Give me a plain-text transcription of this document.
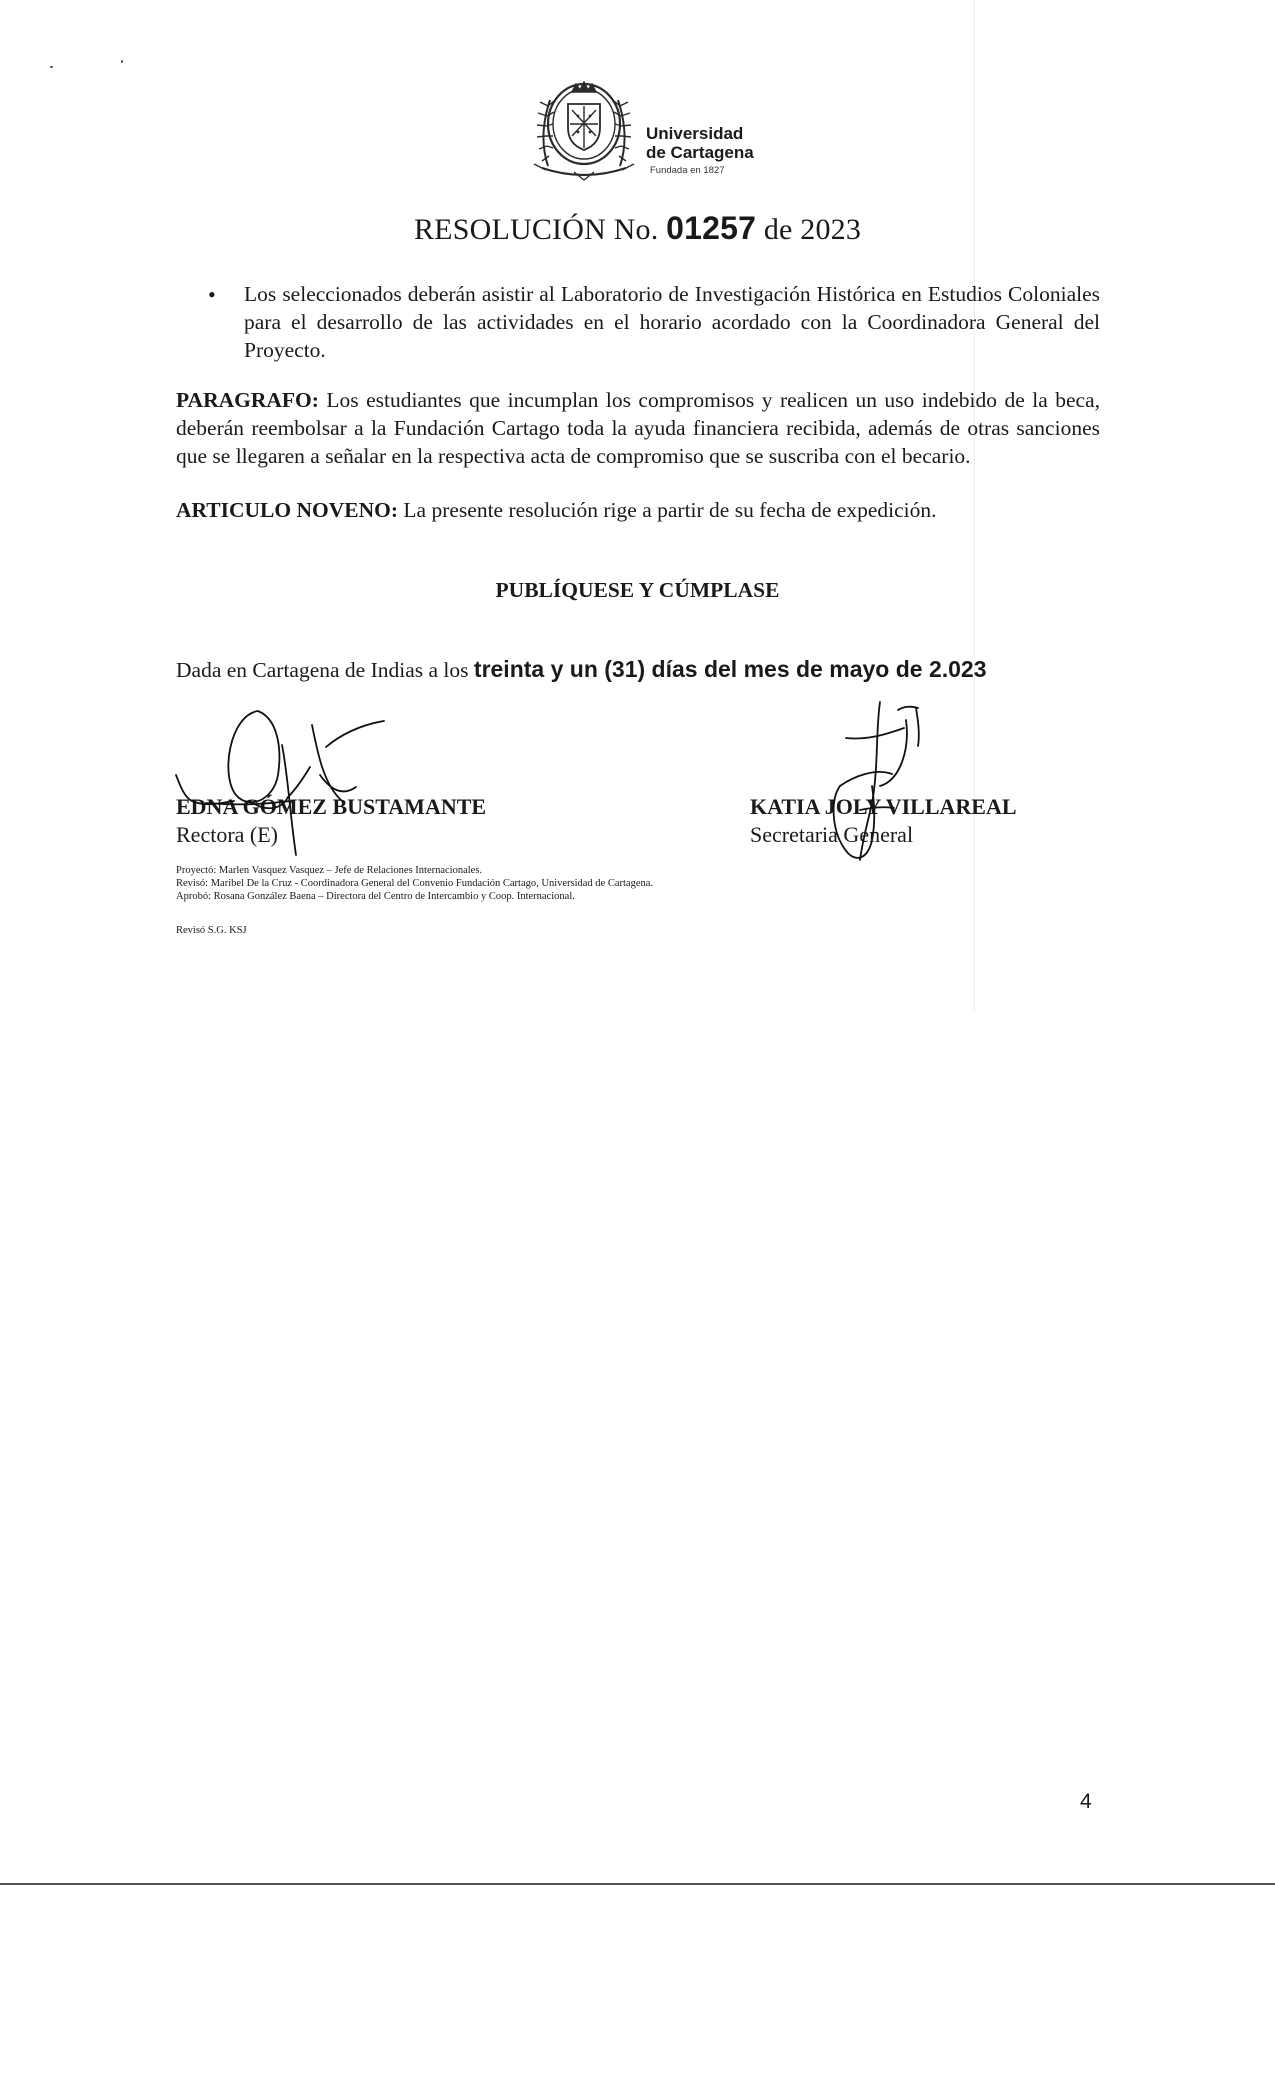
Universidad
de Cartagena
Fundada en 1827
RESOLUCIÓN No. 01257 de 2023
• Los seleccionados deberán asistir al Laboratorio de Investigación Histórica en Estudios Coloniales para el desarrollo de las actividades en el horario acordado con la Coordinadora General del Proyecto.
PARAGRAFO: Los estudiantes que incumplan los compromisos y realicen un uso indebido de la beca, deberán reembolsar a la Fundación Cartago toda la ayuda financiera recibida, además de otras sanciones que se llegaren a señalar en la respectiva acta de compromiso que se suscriba con el becario.
ARTICULO NOVENO: La presente resolución rige a partir de su fecha de expedición.
PUBLÍQUESE Y CÚMPLASE
Dada en Cartagena de Indias a los treinta y un (31) días del mes de mayo de 2.023
EDNA GÓMEZ BUSTAMANTE
Rectora (E)
KATIA JOLY VILLAREAL
Secretaria General
Proyectó: Marlen Vasquez Vasquez – Jefe de Relaciones Internacionales.
Revisó: Maribel De la Cruz - Coordinadora General del Convenio Fundación Cartago, Universidad de Cartagena.
Aprobó: Rosana González Baena – Directora del Centro de Intercambio y Coop. Internacional.
Revisó S.G. KSJ
4
